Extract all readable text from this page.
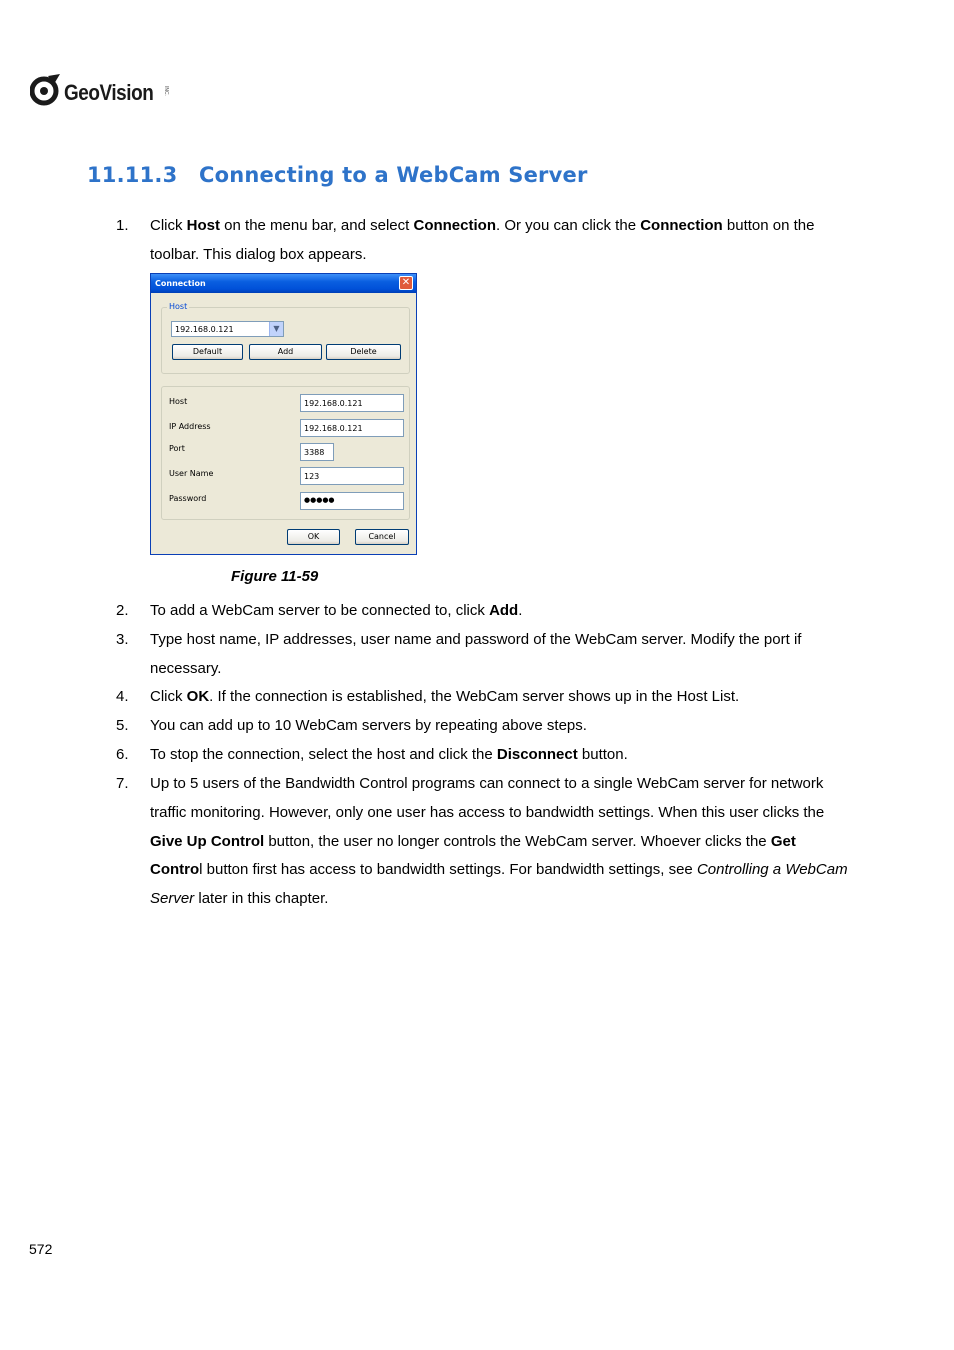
GeoVision INC.
11.11.3 Connecting to a WebCam Server
1.	Click Host on the menu bar, and select Connection. Or you can click the Connection button on the toolbar. This dialog box appears.
Connection	✕
Host
192.168.0.121	▼
Default	Add	Delete
Host	192.168.0.121
IP Address	192.168.0.121
Port	3388
User Name	123
Password	●●●●●
OK	Cancel
Figure 11-59
2.	To add a WebCam server to be connected to, click Add.
3.	Type host name, IP addresses, user name and password of the WebCam server. Modify the port if necessary.
4.	Click OK. If the connection is established, the WebCam server shows up in the Host List.
5.	You can add up to 10 WebCam servers by repeating above steps.
6.	To stop the connection, select the host and click the Disconnect button.
7.	Up to 5 users of the Bandwidth Control programs can connect to a single WebCam server for network traffic monitoring. However, only one user has access to bandwidth settings. When this user clicks the Give Up Control button, the user no longer controls the WebCam server. Whoever clicks the Get Control button first has access to bandwidth settings. For bandwidth settings, see Controlling a WebCam Server later in this chapter.
572
